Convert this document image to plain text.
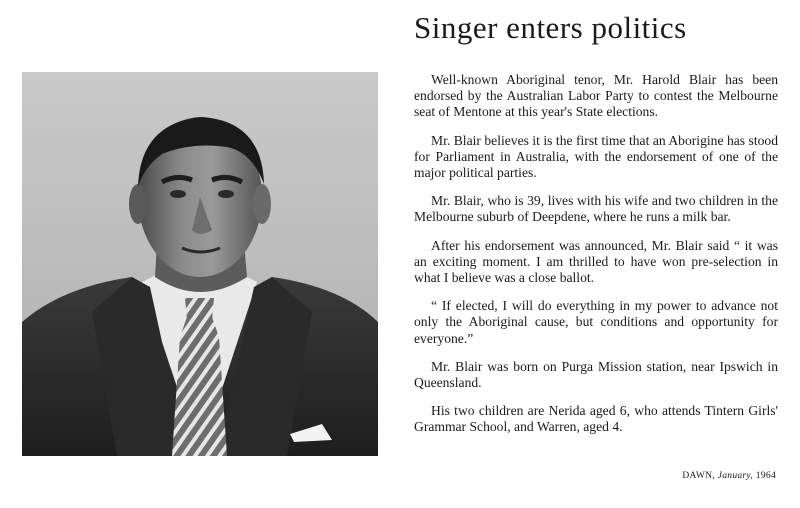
Singer enters politics

Well-known Aboriginal tenor, Mr. Harold Blair has been endorsed by the Australian Labor Party to contest the Melbourne seat of Mentone at this year's State elections.

Mr. Blair believes it is the first time that an Aborigine has stood for Parliament in Australia, with the endorsement of one of the major political parties.

Mr. Blair, who is 39, lives with his wife and two children in the Melbourne suburb of Deepdene, where he runs a milk bar.

After his endorsement was announced, Mr. Blair said “ it was an exciting moment. I am thrilled to have won pre-selection in what I believe was a close ballot.

“ If elected, I will do everything in my power to advance not only the Aboriginal cause, but conditions and opportunity for everyone.”

Mr. Blair was born on Purga Mission station, near Ipswich in Queensland.

His two children are Nerida aged 6, who attends Tintern Girls' Grammar School, and Warren, aged 4.

DAWN, January, 1964
